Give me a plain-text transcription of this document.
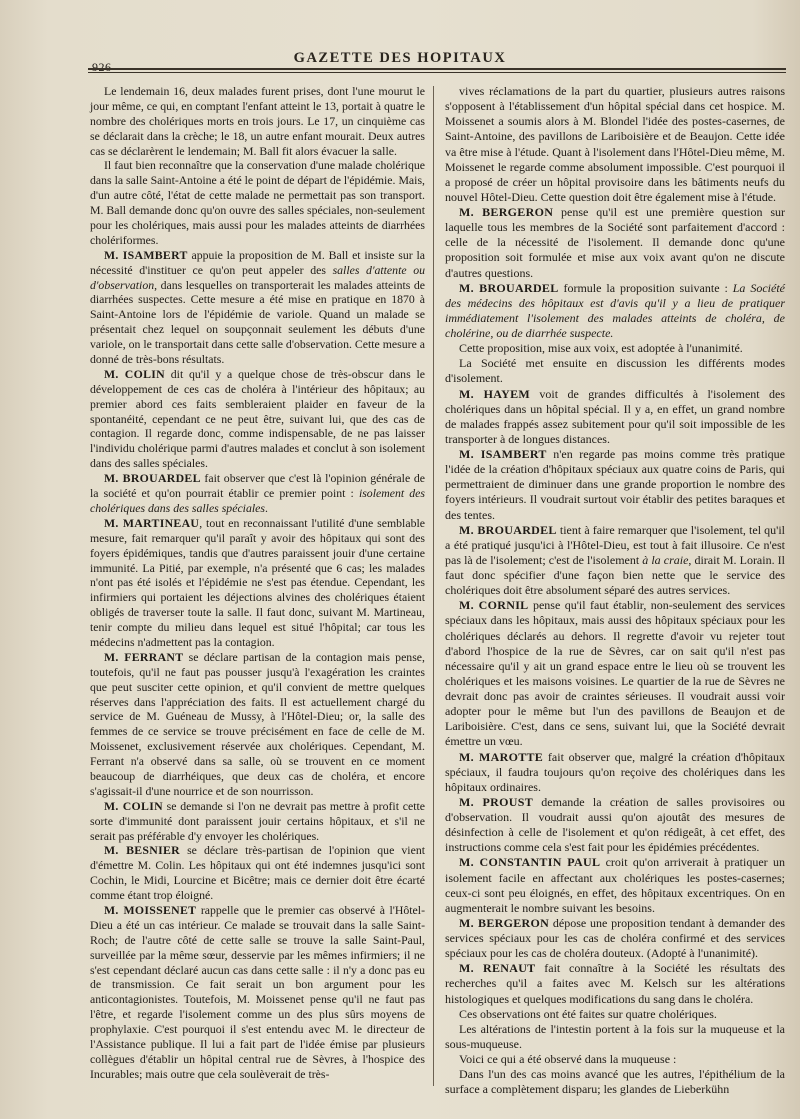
926
GAZETTE DES HOPITAUX

Le lendemain 16, deux malades furent prises, dont l'une mourut le jour même, ce qui, en comptant l'enfant atteint le 13, portait à quatre le nombre des cholériques morts en trois jours. Le 17, un cinquième cas se déclarait dans la crèche; le 18, un autre enfant mourait. Deux autres cas se déclarèrent le lendemain; M. Ball fit alors évacuer la salle.

Il faut bien reconnaître que la conservation d'une malade cholérique dans la salle Saint-Antoine a été le point de départ de l'épidémie. Mais, d'un autre côté, l'état de cette malade ne permettait pas son transport. M. Ball demande donc qu'on ouvre des salles spéciales, non-seulement pour les cholériques, mais aussi pour les malades atteints de diarrhées cholériformes.

M. ISAMBERT appuie la proposition de M. Ball et insiste sur la nécessité d'instituer ce qu'on peut appeler des salles d'attente ou d'observation, dans lesquelles on transporterait les malades atteints de diarrhées suspectes. Cette mesure a été mise en pratique en 1870 à Saint-Antoine lors de l'épidémie de variole. Quand un malade se présentait chez lequel on soupçonnait seulement les débuts d'une variole, on le transportait dans cette salle d'observation. Cette mesure a donné de très-bons résultats.

M. COLIN dit qu'il y a quelque chose de très-obscur dans le développement de ces cas de choléra à l'intérieur des hôpitaux; au premier abord ces faits sembleraient plaider en faveur de la spontanéité, cependant ce ne peut être, suivant lui, que des cas de contagion. Il regarde donc, comme indispensable, de ne pas laisser l'individu cholérique parmi d'autres malades et conclut à son isolement dans des salles spéciales.

M. BROUARDEL fait observer que c'est là l'opinion générale de la société et qu'on pourrait établir ce premier point : isolement des cholériques dans des salles spéciales.

M. MARTINEAU, tout en reconnaissant l'utilité d'une semblable mesure, fait remarquer qu'il paraît y avoir des hôpitaux qui sont des foyers épidémiques, tandis que d'autres paraissent jouir d'une certaine immunité. La Pitié, par exemple, n'a présenté que 6 cas; les malades n'ont pas été isolés et l'épidémie ne s'est pas étendue. Cependant, les infirmiers qui portaient les déjections alvines des cholériques étaient obligés de traverser toute la salle. Il faut donc, suivant M. Martineau, tenir compte du milieu dans lequel est situé l'hôpital; car tous les médecins n'admettent pas la contagion.

M. FERRANT se déclare partisan de la contagion mais pense, toutefois, qu'il ne faut pas pousser jusqu'à l'exagération les craintes que peut susciter cette opinion, et qu'il convient de mettre quelques réserves dans l'appréciation des faits. Il est actuellement chargé du service de M. Guéneau de Mussy, à l'Hôtel-Dieu; or, la salle des femmes de ce service se trouve précisément en face de celle de M. Moissenet, exclusivement réservée aux cholériques. Cependant, M. Ferrant n'a observé dans sa salle, où se trouvent en ce moment beaucoup de diarrhéiques, que deux cas de choléra, et encore s'agissait-il d'une nourrice et de son nourrisson.

M. COLIN se demande si l'on ne devrait pas mettre à profit cette sorte d'immunité dont paraissent jouir certains hôpitaux, et s'il ne serait pas préférable d'y envoyer les cholériques.

M. BESNIER se déclare très-partisan de l'opinion que vient d'émettre M. Colin. Les hôpitaux qui ont été indemnes jusqu'ici sont Cochin, le Midi, Lourcine et Bicêtre; mais ce dernier doit être écarté comme étant trop éloigné.

M. MOISSENET rappelle que le premier cas observé à l'Hôtel-Dieu a été un cas intérieur. Ce malade se trouvait dans la salle Saint-Roch; de l'autre côté de cette salle se trouve la salle Saint-Paul, surveillée par la même sœur, desservie par les mêmes infirmiers; il ne s'est cependant déclaré aucun cas dans cette salle : il n'y a donc pas eu de transmission. Ce fait serait un bon argument pour les anticontagionistes. Toutefois, M. Moissenet pense qu'il ne faut pas l'être, et regarde l'isolement comme un des plus sûrs moyens de prophylaxie. C'est pourquoi il s'est entendu avec M. le directeur de l'Assistance publique. Il lui a fait part de l'idée émise par plusieurs collègues d'établir un hôpital central rue de Sèvres, à l'hospice des Incurables; mais outre que cela soulèverait de très-

vives réclamations de la part du quartier, plusieurs autres raisons s'opposent à l'établissement d'un hôpital spécial dans cet hospice. M. Moissenet a soumis alors à M. Blondel l'idée des postes-casernes, de Saint-Antoine, des pavillons de Lariboisière et de Beaujon. Cette idée va être mise à l'étude. Quant à l'isolement dans l'Hôtel-Dieu même, M. Moissenet le regarde comme absolument impossible. C'est pourquoi il a proposé de créer un hôpital provisoire dans les bâtiments neufs du nouvel Hôtel-Dieu. Cette question doit être également mise à l'étude.

M. BERGERON pense qu'il est une première question sur laquelle tous les membres de la Société sont parfaitement d'accord : celle de la nécessité de l'isolement. Il demande donc qu'une proposition soit formulée et mise aux voix avant qu'on ne discute d'autres questions.

M. BROUARDEL formule la proposition suivante : La Société des médecins des hôpitaux est d'avis qu'il y a lieu de pratiquer immédiatement l'isolement des malades atteints de choléra, de cholérine, ou de diarrhée suspecte.

Cette proposition, mise aux voix, est adoptée à l'unanimité.

La Société met ensuite en discussion les différents modes d'isolement.

M. HAYEM voit de grandes difficultés à l'isolement des cholériques dans un hôpital spécial. Il y a, en effet, un grand nombre de malades frappés assez subitement pour qu'il soit impossible de les transporter à de longues distances.

M. ISAMBERT n'en regarde pas moins comme très pratique l'idée de la création d'hôpitaux spéciaux aux quatre coins de Paris, qui permettraient de diminuer dans une grande proportion le nombre des foyers intérieurs. Il voudrait surtout voir établir des petites baraques et des tentes.

M. BROUARDEL tient à faire remarquer que l'isolement, tel qu'il a été pratiqué jusqu'ici à l'Hôtel-Dieu, est tout à fait illusoire. Ce n'est pas là de l'isolement; c'est de l'isolement à la craie, dirait M. Lorain. Il faut donc spécifier d'une façon bien nette que le service des cholériques doit être absolument séparé des autres services.

M. CORNIL pense qu'il faut établir, non-seulement des services spéciaux dans les hôpitaux, mais aussi des hôpitaux spéciaux pour les cholériques déclarés au dehors. Il regrette d'avoir vu rejeter tout d'abord l'hospice de la rue de Sèvres, car on sait qu'il n'est pas nécessaire qu'il y ait un grand espace entre le lieu où se trouvent les cholériques et les maisons voisines. Le quartier de la rue de Sèvres ne devrait donc pas avoir de craintes sérieuses. Il voudrait aussi voir adopter pour le même but l'un des pavillons de Beaujon et de Lariboisière. C'est, dans ce sens, suivant lui, que la Société devrait émettre un vœu.

M. MAROTTE fait observer que, malgré la création d'hôpitaux spéciaux, il faudra toujours qu'on reçoive des cholériques dans les hôpitaux ordinaires.

M. PROUST demande la création de salles provisoires ou d'observation. Il voudrait aussi qu'on ajoutât des mesures de désinfection à celle de l'isolement et qu'on rédigeât, à cet effet, des instructions comme cela s'est fait pour les épidémies précédentes.

M. CONSTANTIN PAUL croit qu'on arriverait à pratiquer un isolement facile en affectant aux cholériques les postes-casernes; ceux-ci sont peu éloignés, en effet, des hôpitaux excentriques. On en augmenterait le nombre suivant les besoins.

M. BERGERON dépose une proposition tendant à demander des services spéciaux pour les cas de choléra confirmé et des services spéciaux pour les cas de choléra douteux. (Adopté à l'unanimité).

M. RENAUT fait connaître à la Société les résultats des recherches qu'il a faites avec M. Kelsch sur les altérations histologiques et quelques modifications du sang dans le choléra.

Ces observations ont été faites sur quatre cholériques.

Les altérations de l'intestin portent à la fois sur la muqueuse et la sous-muqueuse.

Voici ce qui a été observé dans la muqueuse :

Dans l'un des cas moins avancé que les autres, l'épithélium de la surface a complètement disparu; les glandes de Lieberkühn
